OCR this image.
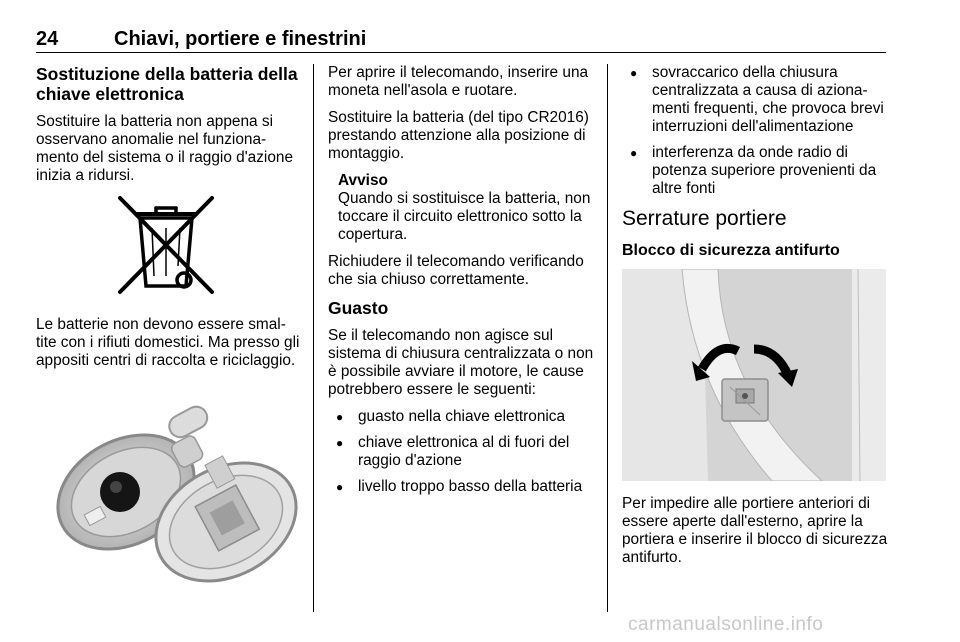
24	Chiavi, portiere e finestrini
Sostituzione della batteria della chiave elettronica

Sostituire la batteria non appena si osservano anomalie nel funzionamento del sistema o il raggio d'azione inizia a ridursi.

Le batterie non devono essere smaltite con i rifiuti domestici. Ma presso gli appositi centri di raccolta e riciclaggio.

Per aprire il telecomando, inserire una moneta nell'asola e ruotare.

Sostituire la batteria (del tipo CR2016) prestando attenzione alla posizione di montaggio.

Avviso

Quando si sostituisce la batteria, non toccare il circuito elettronico sotto la copertura.

Richiudere il telecomando verificando che sia chiuso correttamente.

Guasto

Se il telecomando non agisce sul sistema di chiusura centralizzata o non è possibile avviare il motore, le cause potrebbero essere le seguenti:

● guasto nella chiave elettronica
● chiave elettronica al di fuori del raggio d'azione
● livello troppo basso della batteria
● sovraccarico della chiusura centralizzata a causa di azionamenti frequenti, che provoca brevi interruzioni dell'alimentazione
● interferenza da onde radio di potenza superiore provenienti da altre fonti
Serrature portiere
Blocco di sicurezza antifurto

Per impedire alle portiere anteriori di essere aperte dall'esterno, aprire la portiera e inserire il blocco di sicurezza antifurto.

carmanualsonline.info
